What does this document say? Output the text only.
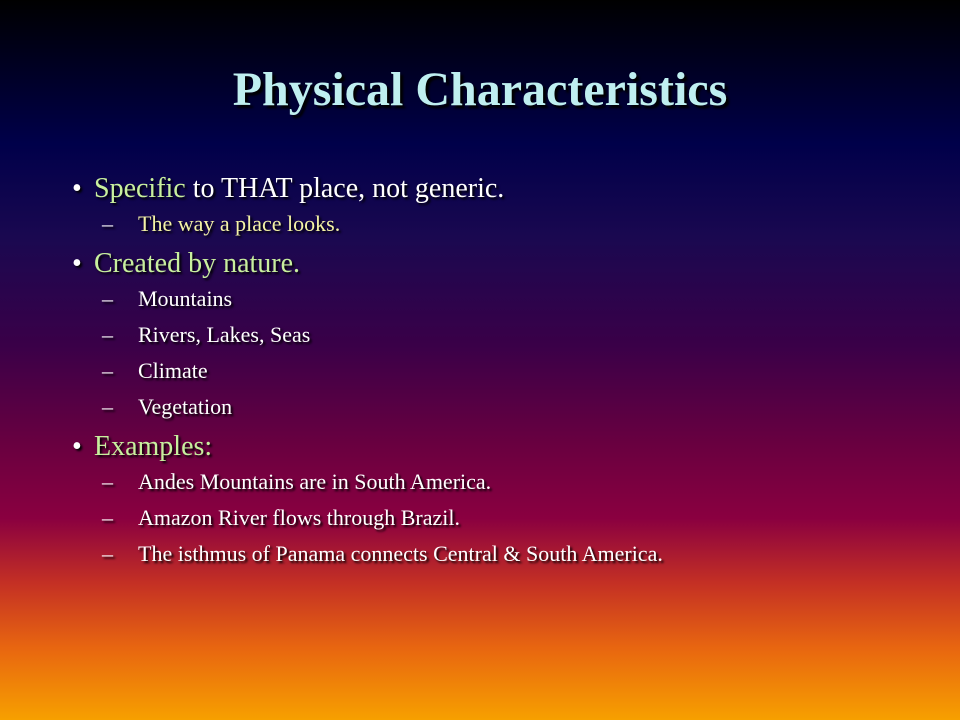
Physical Characteristics
• Specific to THAT place, not generic.
–	The way a place looks.
• Created by nature.
–	Mountains
–	Rivers, Lakes, Seas
–	Climate
–	Vegetation
• Examples:
–	Andes Mountains are in South America.
–	Amazon River flows through Brazil.
–	The isthmus of Panama connects Central & South America.
